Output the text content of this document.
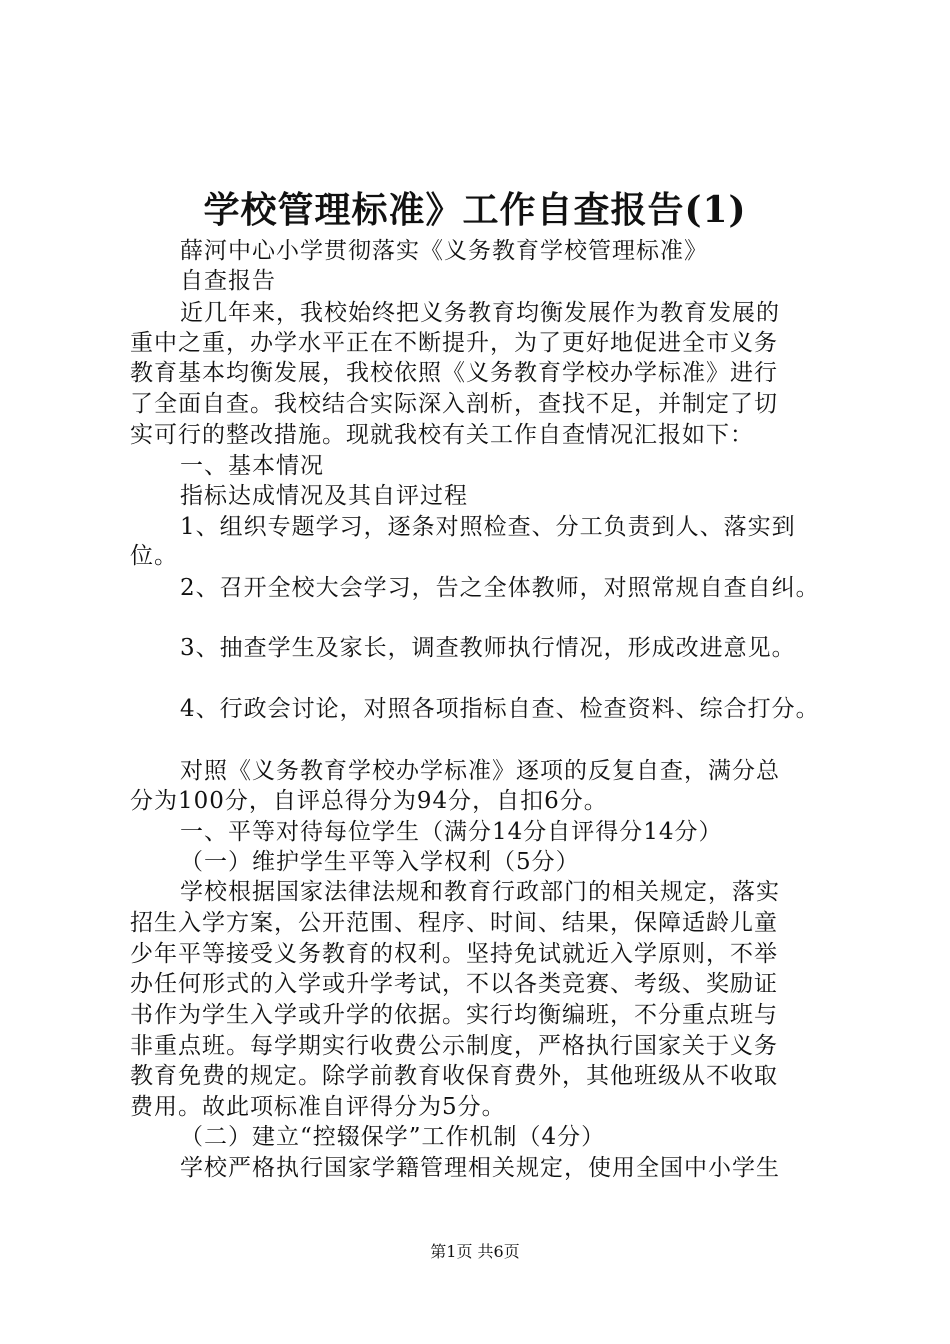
学校管理标准》工作自查报告(1)

薛河中心小学贯彻落实《义务教育学校管理标准》

自查报告

近几年来，我校始终把义务教育均衡发展作为教育发展的

重中之重，办学水平正在不断提升，为了更好地促进全市义务

教育基本均衡发展，我校依照《义务教育学校办学标准》进行

了全面自查。我校结合实际深入剖析，查找不足，并制定了切

实可行的整改措施。现就我校有关工作自查情况汇报如下：

一、基本情况

指标达成情况及其自评过程

1、组织专题学习，逐条对照检查、分工负责到人、落实到

位。

2、召开全校大会学习，告之全体教师，对照常规自查自纠。

3、抽查学生及家长，调查教师执行情况，形成改进意见。

4、行政会讨论，对照各项指标自查、检查资料、综合打分。

对照《义务教育学校办学标准》逐项的反复自查，满分总

分为100分，自评总得分为94分，自扣6分。

一、平等对待每位学生（满分14分自评得分14分）

（一）维护学生平等入学权利（5分）

学校根据国家法律法规和教育行政部门的相关规定，落实

招生入学方案，公开范围、程序、时间、结果，保障适龄儿童

少年平等接受义务教育的权利。坚持免试就近入学原则，不举

办任何形式的入学或升学考试，不以各类竞赛、考级、奖励证

书作为学生入学或升学的依据。实行均衡编班，不分重点班与

非重点班。每学期实行收费公示制度，严格执行国家关于义务

教育免费的规定。除学前教育收保育费外，其他班级从不收取

费用。故此项标准自评得分为5分。

（二）建立“控辍保学”工作机制（4分）

学校严格执行国家学籍管理相关规定，使用全国中小学生

第1页 共6页
